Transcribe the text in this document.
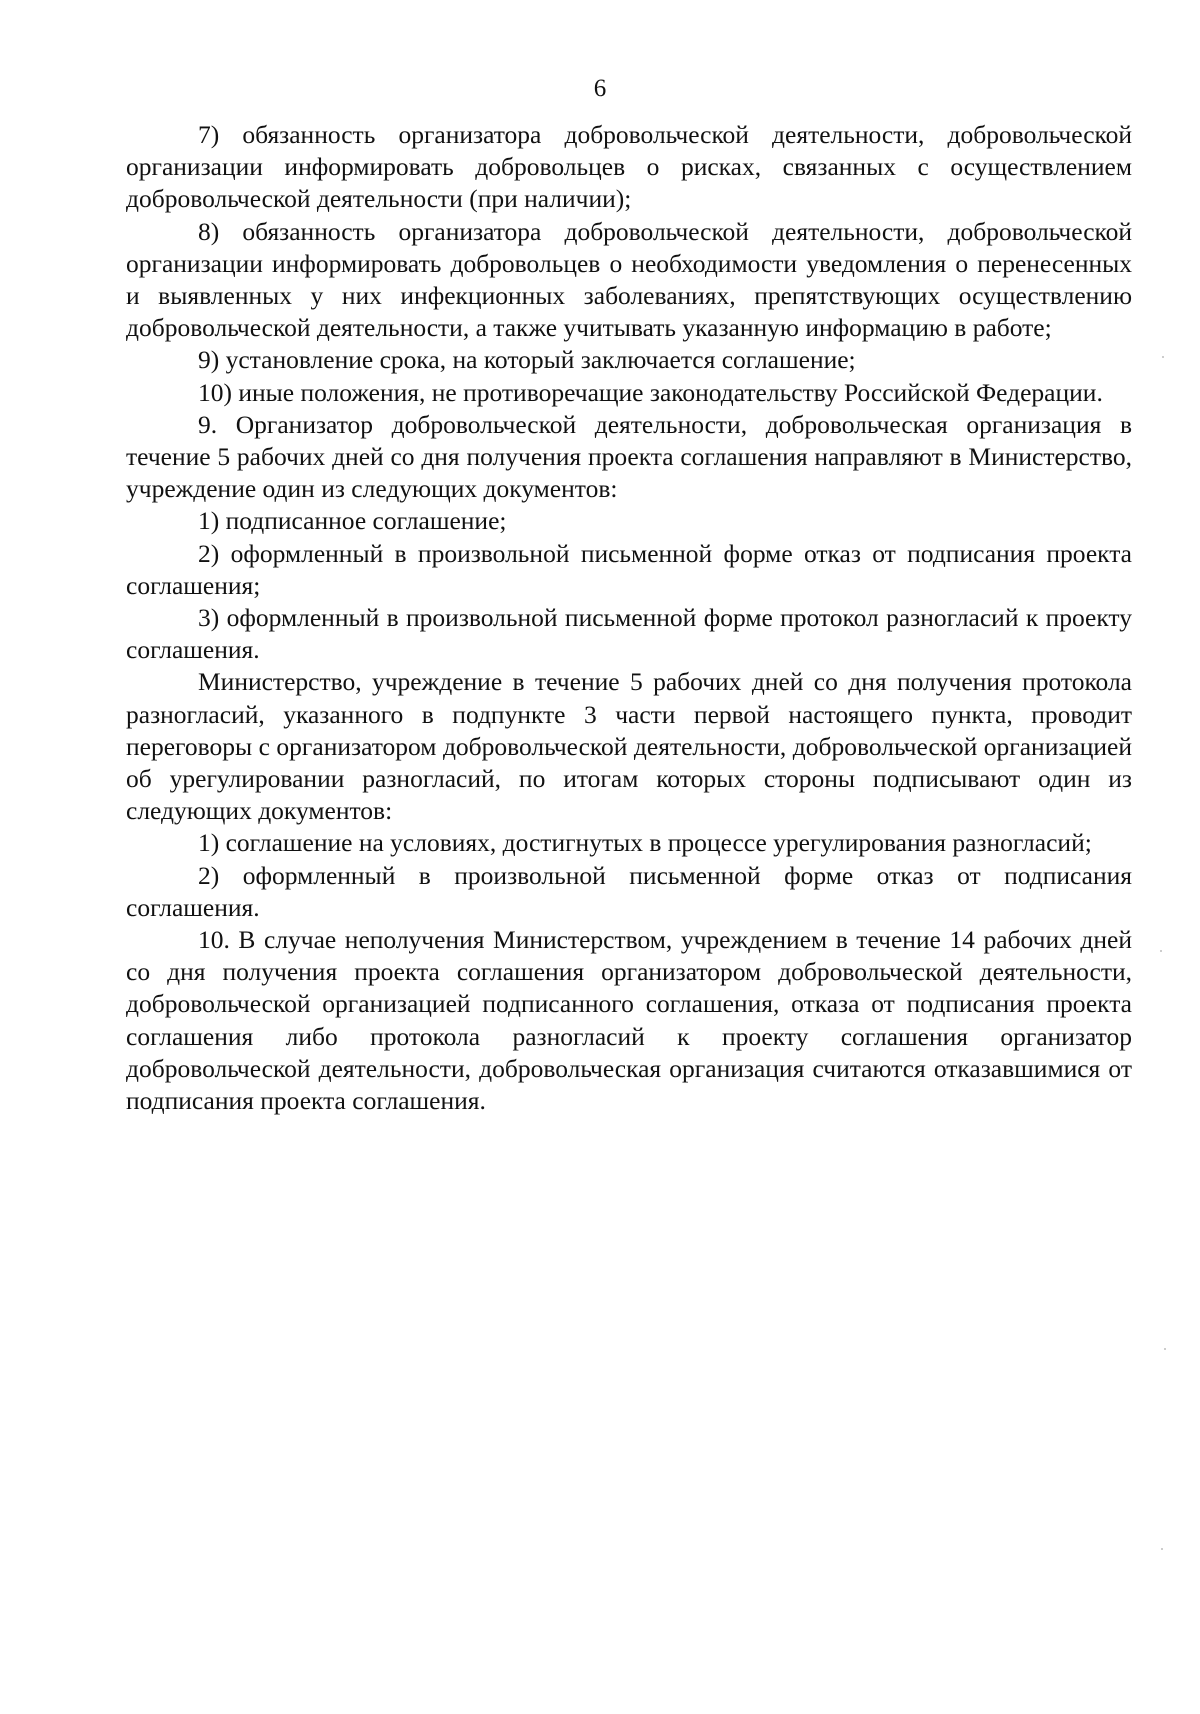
6

7) обязанность организатора добровольческой деятельности, добровольческой организации информировать добровольцев о рисках, связанных с осуществлением добровольческой деятельности (при наличии);

8) обязанность организатора добровольческой деятельности, добровольческой организации информировать добровольцев о необходимости уведомления о перенесенных и выявленных у них инфекционных заболеваниях, препятствующих осуществлению добровольческой деятельности, а также учитывать указанную информацию в работе;

9) установление срока, на который заключается соглашение;

10) иные положения, не противоречащие законодательству Российской Федерации.

9. Организатор добровольческой деятельности, добровольческая организация в течение 5 рабочих дней со дня получения проекта соглашения направляют в Министерство, учреждение один из следующих документов:

1) подписанное соглашение;

2) оформленный в произвольной письменной форме отказ от подписания проекта соглашения;

3) оформленный в произвольной письменной форме протокол разногласий к проекту соглашения.

Министерство, учреждение в течение 5 рабочих дней со дня получения протокола разногласий, указанного в подпункте 3 части первой настоящего пункта, проводит переговоры с организатором добровольческой деятельности, добровольческой организацией об урегулировании разногласий, по итогам которых стороны подписывают один из следующих документов:

1) соглашение на условиях, достигнутых в процессе урегулирования разногласий;

2) оформленный в произвольной письменной форме отказ от подписания соглашения.

10. В случае неполучения Министерством, учреждением в течение 14 рабочих дней со дня получения проекта соглашения организатором добровольческой деятельности, добровольческой организацией подписанного соглашения, отказа от подписания проекта соглашения либо протокола разногласий к проекту соглашения организатор добровольческой деятельности, добровольческая организация считаются отказавшимися от подписания проекта соглашения.
